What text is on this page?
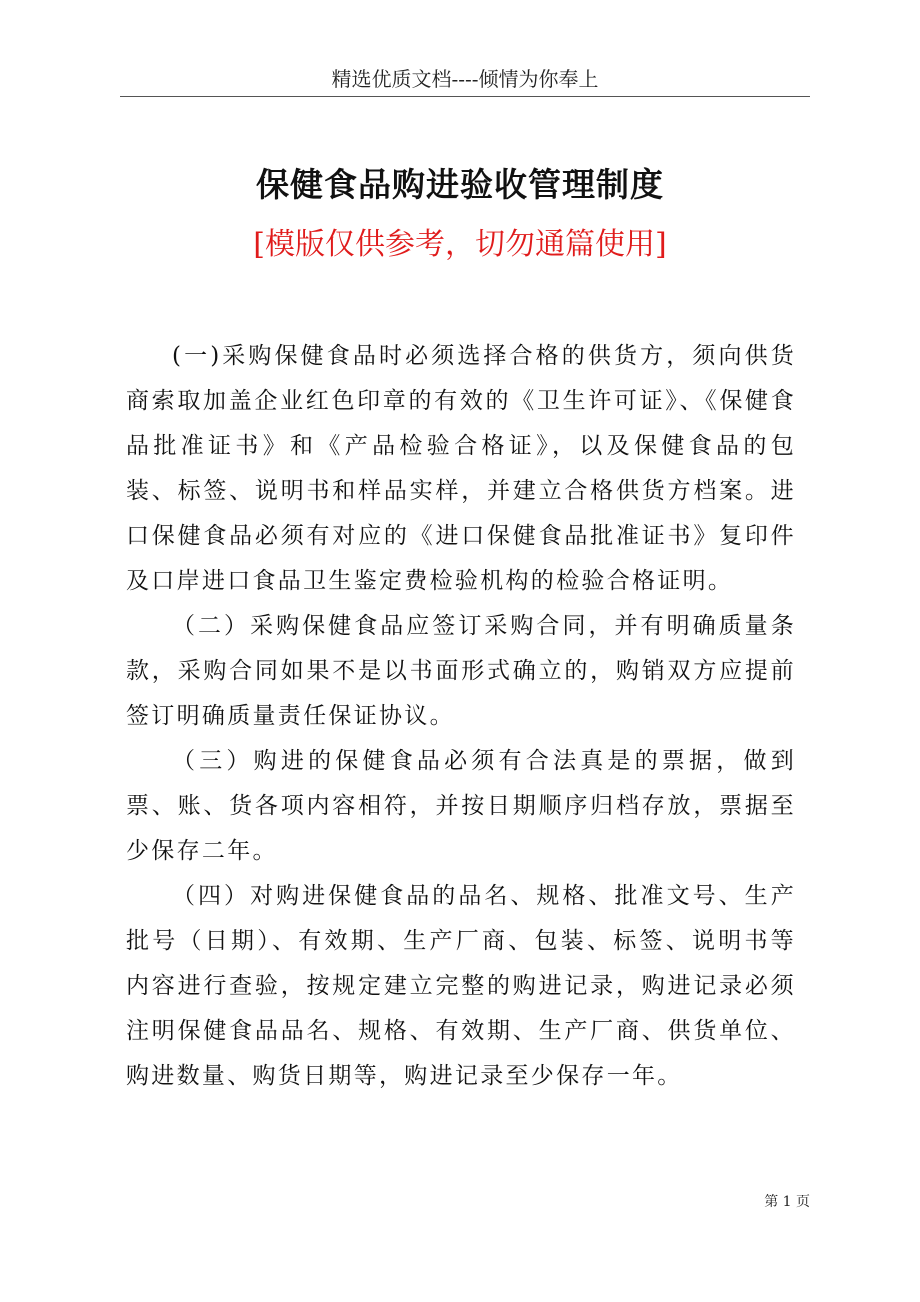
精选优质文档----倾情为你奉上
保健食品购进验收管理制度
[模版仅供参考，切勿通篇使用]

(一)采购保健食品时必须选择合格的供货方，须向供货商索取加盖企业红色印章的有效的《卫生许可证》、《保健食品批准证书》和《产品检验合格证》，以及保健食品的包装、标签、说明书和样品实样，并建立合格供货方档案。进口保健食品必须有对应的《进口保健食品批准证书》复印件及口岸进口食品卫生鉴定费检验机构的检验合格证明。

（二）采购保健食品应签订采购合同，并有明确质量条款，采购合同如果不是以书面形式确立的，购销双方应提前签订明确质量责任保证协议。

（三）购进的保健食品必须有合法真是的票据，做到票、账、货各项内容相符，并按日期顺序归档存放，票据至少保存二年。

（四）对购进保健食品的品名、规格、批准文号、生产批号（日期）、有效期、生产厂商、包装、标签、说明书等内容进行查验，按规定建立完整的购进记录，购进记录必须注明保健食品品名、规格、有效期、生产厂商、供货单位、购进数量、购货日期等，购进记录至少保存一年。

第 1 页
